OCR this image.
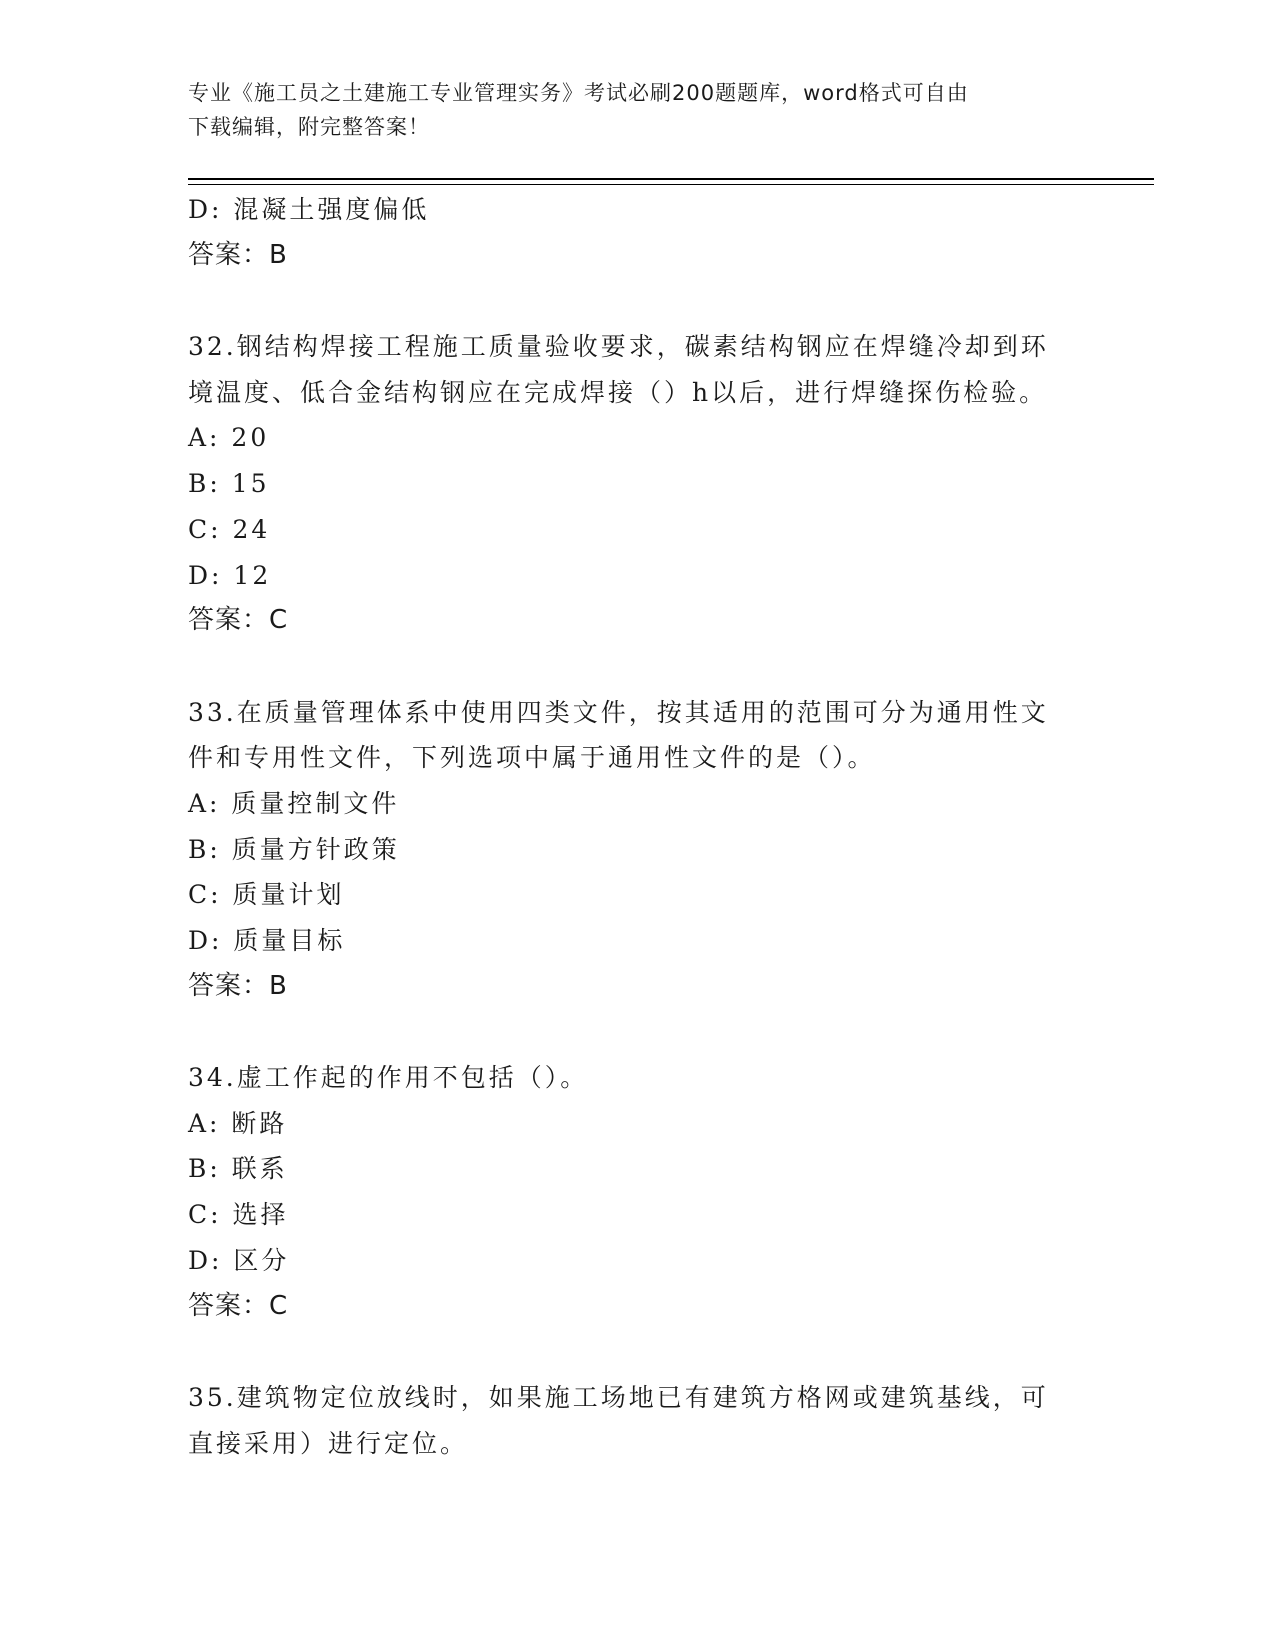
专业《施工员之土建施工专业管理实务》考试必刷200题题库，word格式可自由
下载编辑，附完整答案！
D: 混凝土强度偏低
答案：B
32.钢结构焊接工程施工质量验收要求，碳素结构钢应在焊缝冷却到环
境温度、低合金结构钢应在完成焊接（）h以后，进行焊缝探伤检验。
A: 20
B: 15
C: 24
D: 12
答案：C
33.在质量管理体系中使用四类文件，按其适用的范围可分为通用性文
件和专用性文件，下列选项中属于通用性文件的是（）。
A: 质量控制文件
B: 质量方针政策
C: 质量计划
D: 质量目标
答案：B
34.虚工作起的作用不包括（）。
A: 断路
B: 联系
C: 选择
D: 区分
答案：C
35.建筑物定位放线时，如果施工场地已有建筑方格网或建筑基线，可
直接采用）进行定位。
